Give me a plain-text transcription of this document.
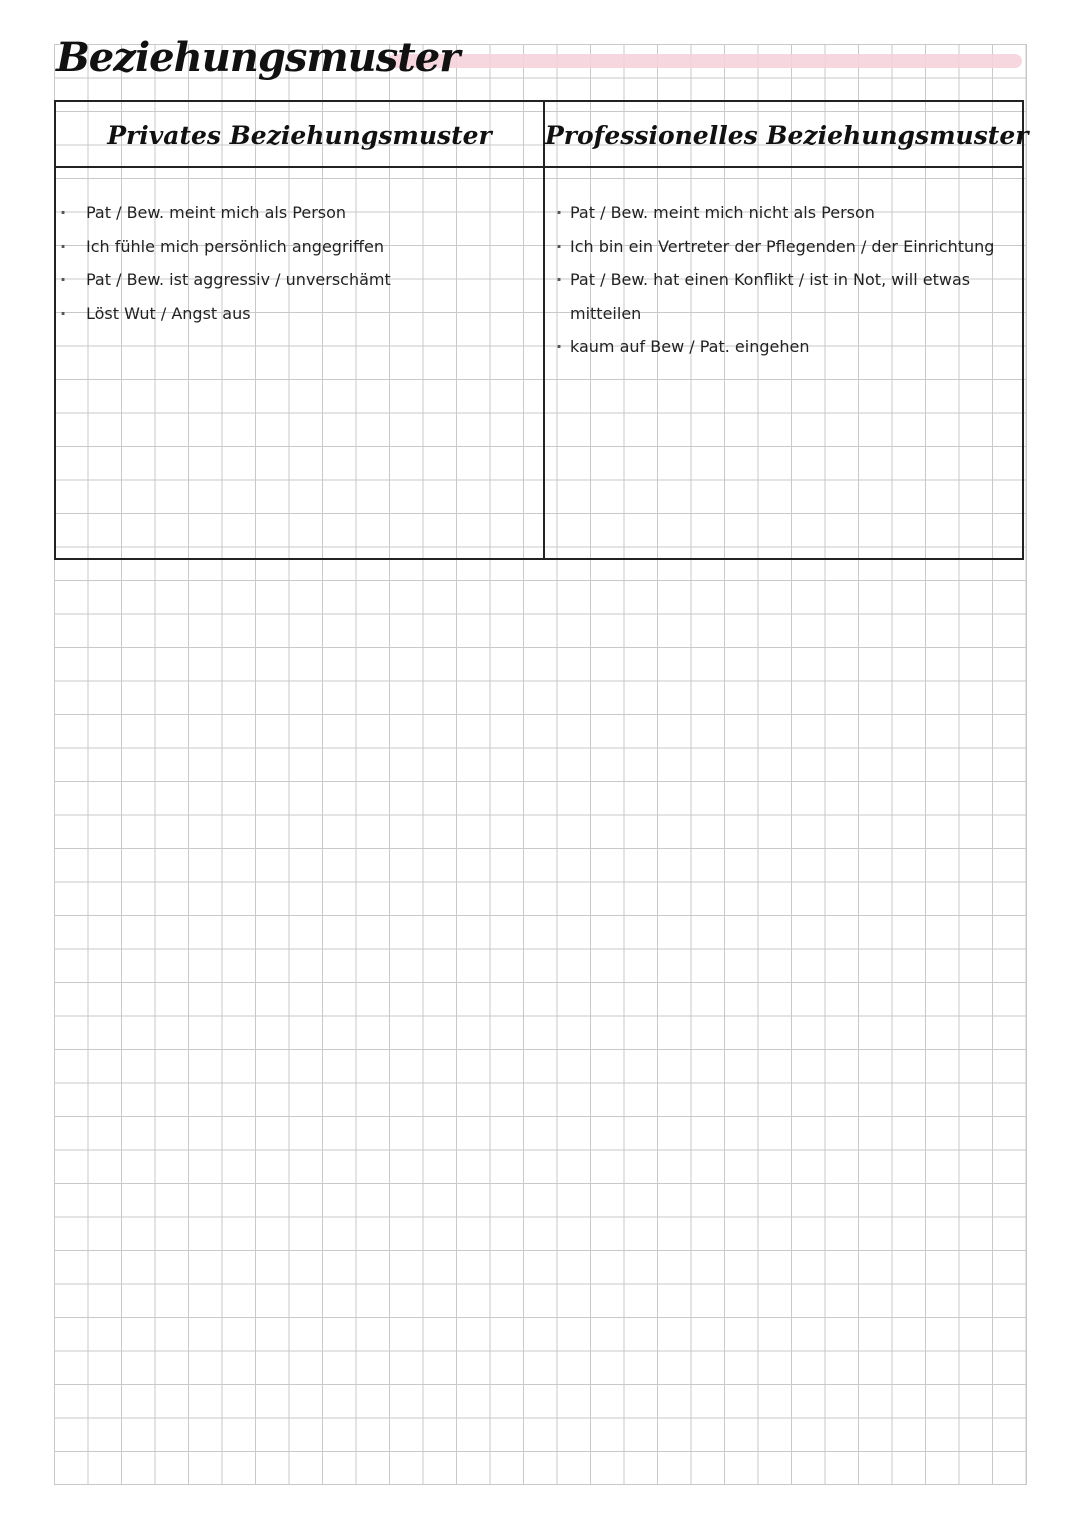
Beziehungsmuster
Privates Beziehungsmuster	Professionelles Beziehungsmuster
· Pat / Bew. meint mich als Person
· Ich fühle mich persönlich angegriffen
· Pat / Bew. ist aggressiv / unverschämt
· Löst Wut / Angst aus
· Pat / Bew. meint mich nicht als Person
· Ich bin ein Vertreter der Pflegenden / der Einrichtung
· Pat / Bew. hat einen Konflikt / ist in Not, will etwas mitteilen
· kaum auf Bew / Pat. eingehen
